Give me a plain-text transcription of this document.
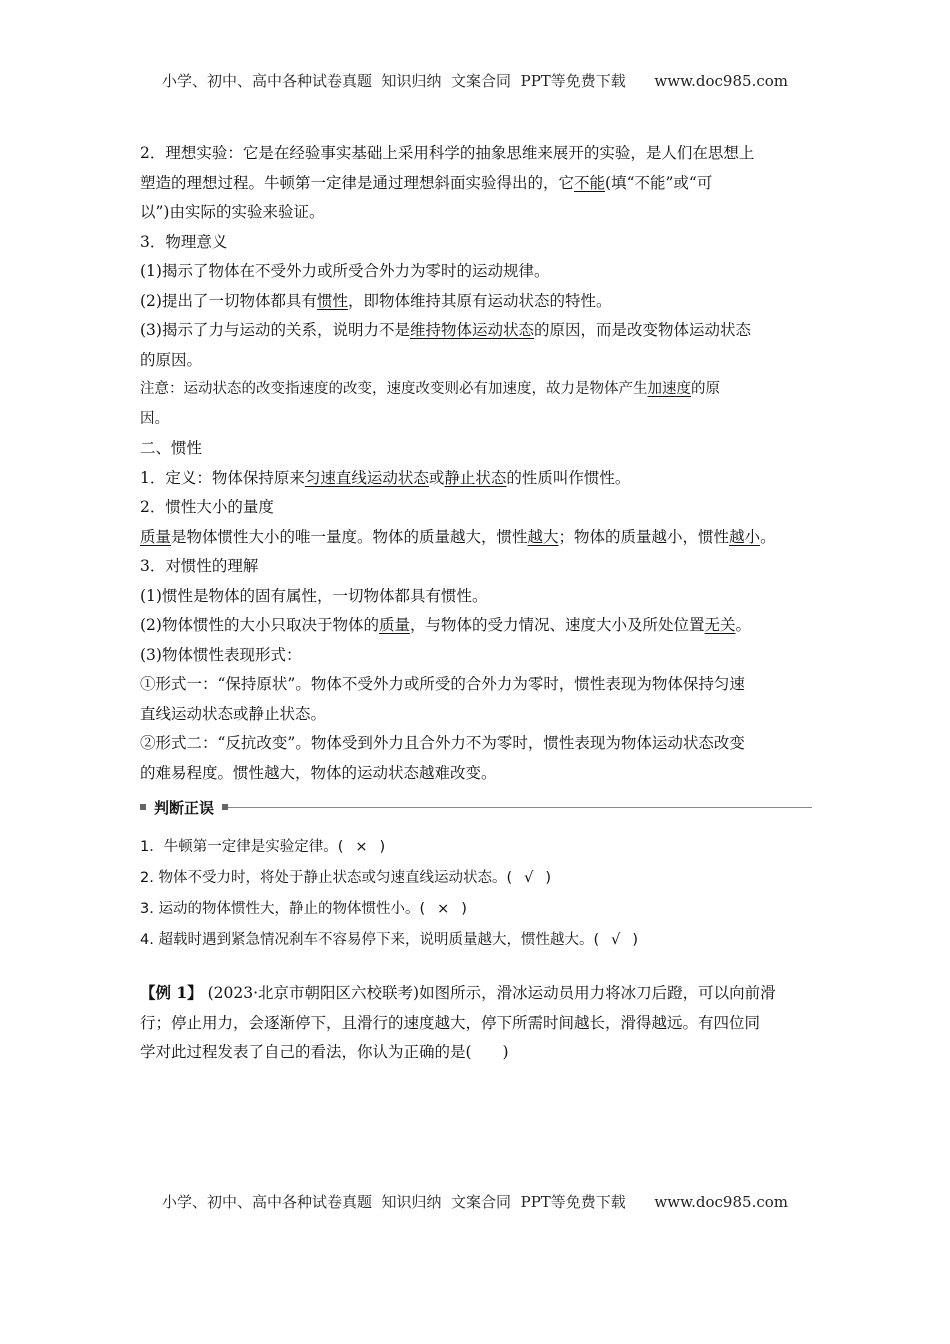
小学、初中、高中各种试卷真题  知识归纳  文案合同  PPT等免费下载      www.doc985.com

2．理想实验：它是在经验事实基础上采用科学的抽象思维来展开的实验，是人们在思想上

塑造的理想过程。牛顿第一定律是通过理想斜面实验得出的，它不能(填“不能”或“可

以”)由实际的实验来验证。

3．物理意义

(1)揭示了物体在不受外力或所受合外力为零时的运动规律。

(2)提出了一切物体都具有惯性，即物体维持其原有运动状态的特性。

(3)揭示了力与运动的关系，说明力不是维持物体运动状态的原因，而是改变物体运动状态

的原因。

注意：运动状态的改变指速度的改变，速度改变则必有加速度，故力是物体产生加速度的原

因。

二、惯性

1．定义：物体保持原来匀速直线运动状态或静止状态的性质叫作惯性。

2．惯性大小的量度

质量是物体惯性大小的唯一量度。物体的质量越大，惯性越大；物体的质量越小，惯性越小。

3．对惯性的理解

(1)惯性是物体的固有属性，一切物体都具有惯性。

(2)物体惯性的大小只取决于物体的质量，与物体的受力情况、速度大小及所处位置无关。

(3)物体惯性表现形式：

①形式一：“保持原状”。物体不受外力或所受的合外力为零时，惯性表现为物体保持匀速

直线运动状态或静止状态。

②形式二：“反抗改变”。物体受到外力且合外力不为零时，惯性表现为物体运动状态改变

的难易程度。惯性越大，物体的运动状态越难改变。

判断正误

1．牛顿第一定律是实验定律。( × )

2. 物体不受力时，将处于静止状态或匀速直线运动状态。( √ )

3. 运动的物体惯性大，静止的物体惯性小。( × )

4. 超载时遇到紧急情况刹车不容易停下来，说明质量越大，惯性越大。( √ )

【例 1】 (2023·北京市朝阳区六校联考)如图所示，滑冰运动员用力将冰刀后蹬，可以向前滑

行；停止用力，会逐渐停下，且滑行的速度越大，停下所需时间越长，滑得越远。有四位同

学对此过程发表了自己的看法，你认为正确的是(　　)

小学、初中、高中各种试卷真题  知识归纳  文案合同  PPT等免费下载      www.doc985.com
